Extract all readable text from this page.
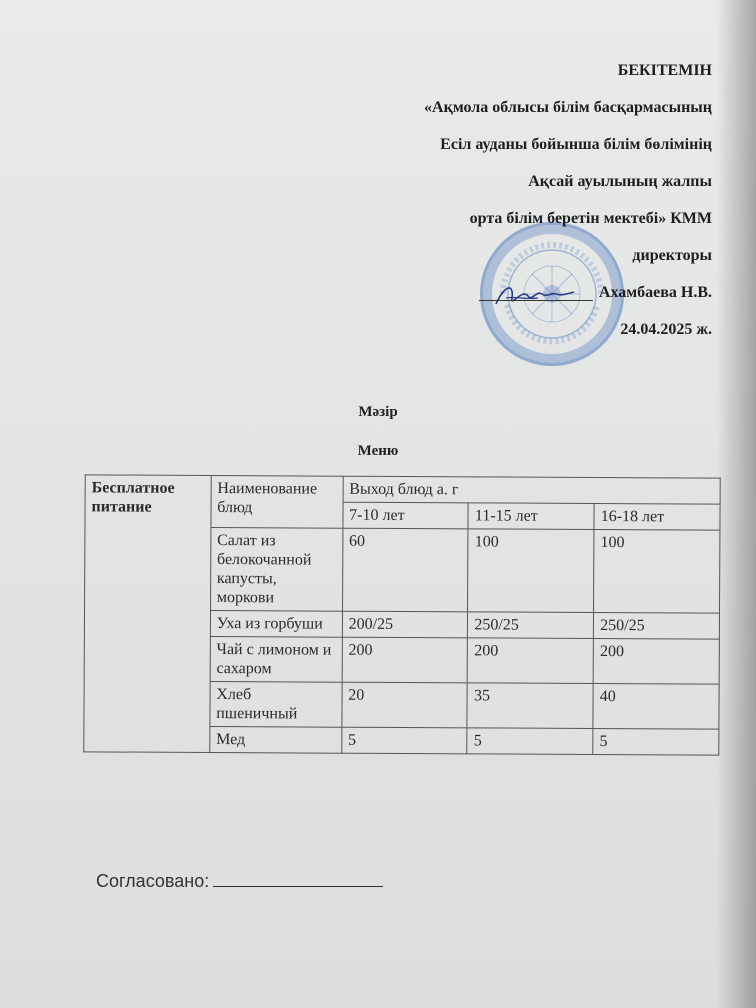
БЕКІТЕМІН
«Ақмола облысы білім басқармасының
Есіл ауданы бойынша білім бөлімінің
Ақсай ауылының жалпы
орта білім беретін мектебі» КММ
директоры
Ахамбаева Н.В.
24.04.2025 ж.
Мәзір
Меню
Бесплатное питание	Наименование блюд	Выход блюд а. г		
		7-10 лет	11-15 лет	16-18 лет
	Салат из белокочанной капусты, моркови	60	100	100
	Уха из горбуши	200/25	250/25	250/25
	Чай с лимоном и сахаром	200	200	200
	Хлеб пшеничный	20	35	40
	Мед	5	5	5
Согласовано:
